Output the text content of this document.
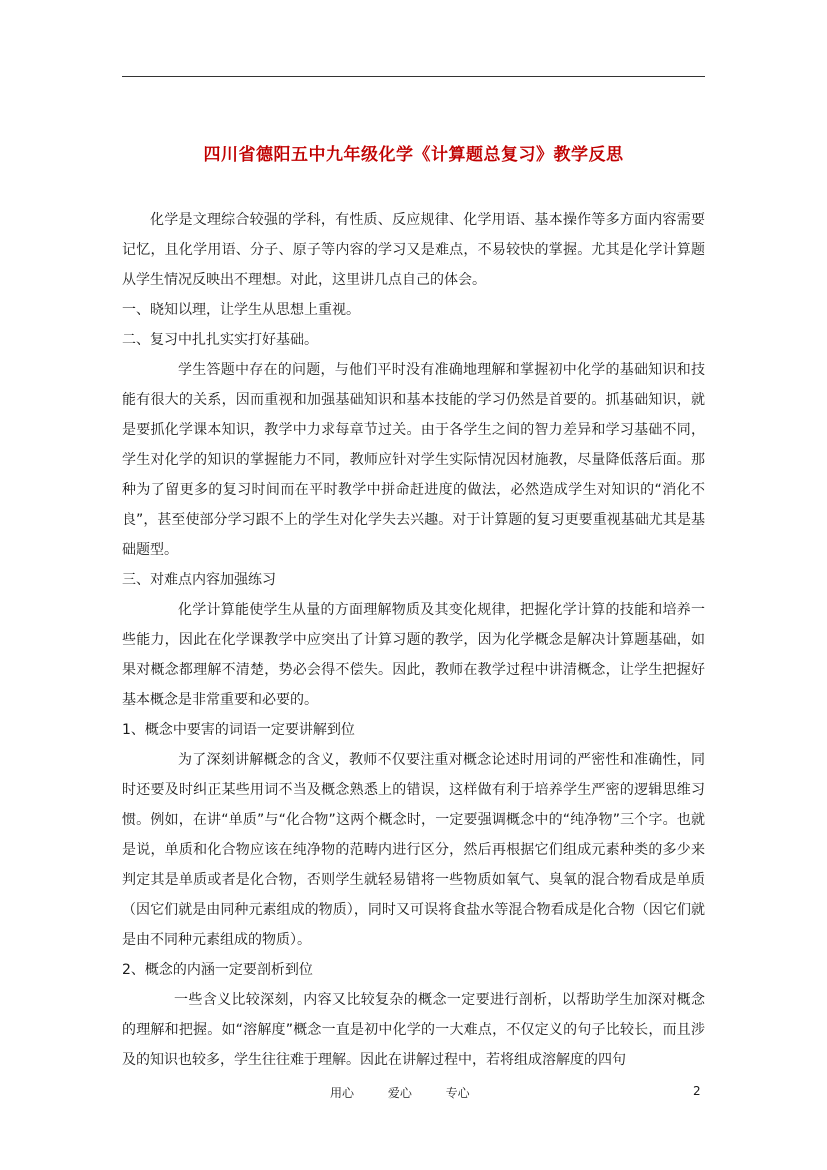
四川省德阳五中九年级化学《计算题总复习》教学反思

化学是文理综合较强的学科，有性质、反应规律、化学用语、基本操作等多方面内容需要记忆，且化学用语、分子、原子等内容的学习又是难点，不易较快的掌握。尤其是化学计算题从学生情况反映出不理想。对此，这里讲几点自己的体会。

一、晓知以理，让学生从思想上重视。

二、复习中扎扎实实打好基础。

学生答题中存在的问题，与他们平时没有准确地理解和掌握初中化学的基础知识和技能有很大的关系，因而重视和加强基础知识和基本技能的学习仍然是首要的。抓基础知识，就是要抓化学课本知识，教学中力求每章节过关。由于各学生之间的智力差异和学习基础不同，学生对化学的知识的掌握能力不同，教师应针对学生实际情况因材施教，尽量降低落后面。那种为了留更多的复习时间而在平时教学中拼命赶进度的做法，必然造成学生对知识的“消化不良”，甚至使部分学习跟不上的学生对化学失去兴趣。对于计算题的复习更要重视基础尤其是基础题型。

三、对难点内容加强练习

化学计算能使学生从量的方面理解物质及其变化规律，把握化学计算的技能和培养一些能力，因此在化学课教学中应突出了计算习题的教学，因为化学概念是解决计算题基础，如果对概念都理解不清楚，势必会得不偿失。因此，教师在教学过程中讲清概念，让学生把握好基本概念是非常重要和必要的。

1、概念中要害的词语一定要讲解到位

为了深刻讲解概念的含义，教师不仅要注重对概念论述时用词的严密性和准确性，同时还要及时纠正某些用词不当及概念熟悉上的错误，这样做有利于培养学生严密的逻辑思维习惯。例如，在讲“单质”与“化合物”这两个概念时，一定要强调概念中的“纯净物”三个字。也就是说，单质和化合物应该在纯净物的范畴内进行区分，然后再根据它们组成元素种类的多少来判定其是单质或者是化合物，否则学生就轻易错将一些物质如氧气、臭氧的混合物看成是单质（因它们就是由同种元素组成的物质），同时又可误将食盐水等混合物看成是化合物（因它们就是由不同种元素组成的物质）。

2、概念的内涵一定要剖析到位

一些含义比较深刻，内容又比较复杂的概念一定要进行剖析，以帮助学生加深对概念的理解和把握。如“溶解度”概念一直是初中化学的一大难点，不仅定义的句子比较长，而且涉及的知识也较多，学生往往难于理解。因此在讲解过程中，若将组成溶解度的四句

用心 爱心 专心	2
